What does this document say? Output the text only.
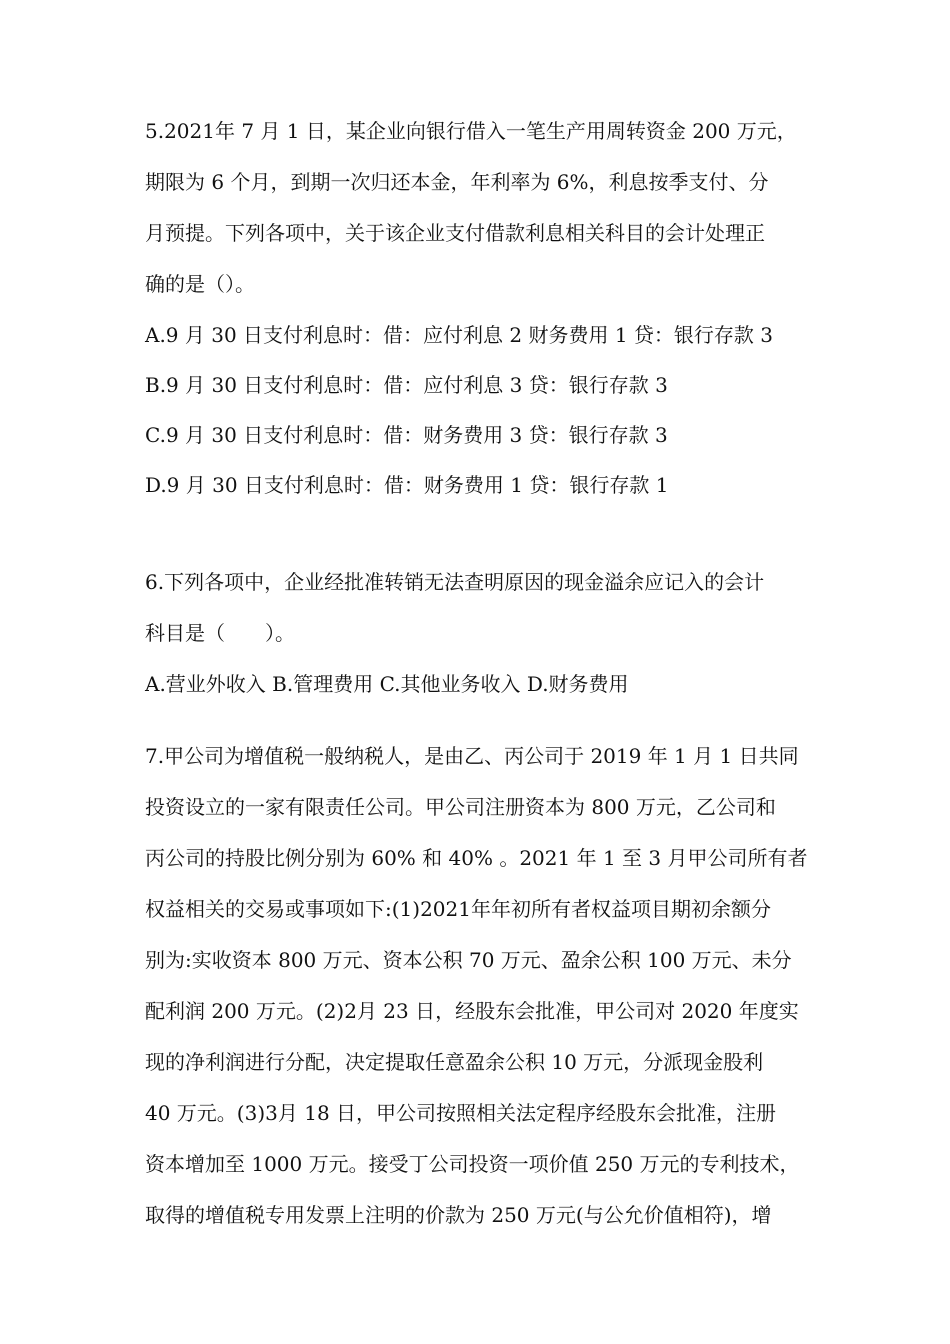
5.2021年 7 月 1 日，某企业向银行借入一笔生产用周转资金 200 万元，
期限为 6 个月，到期一次归还本金，年利率为 6%，利息按季支付、分
月预提。下列各项中，关于该企业支付借款利息相关科目的会计处理正
确的是（）。
A.9 月 30 日支付利息时：借：应付利息 2 财务费用 1 贷：银行存款 3
B.9 月 30 日支付利息时：借：应付利息 3 贷：银行存款 3
C.9 月 30 日支付利息时：借：财务费用 3 贷：银行存款 3
D.9 月 30 日支付利息时：借：财务费用 1 贷：银行存款 1
6.下列各项中，企业经批准转销无法查明原因的现金溢余应记入的会计
科目是（　　）。
A.营业外收入 B.管理费用 C.其他业务收入 D.财务费用
7.甲公司为增值税一般纳税人，是由乙、丙公司于 2019 年 1 月 1 日共同
投资设立的一家有限责任公司。甲公司注册资本为 800 万元，乙公司和
丙公司的持股比例分别为 60% 和 40% 。2021 年 1 至 3 月甲公司所有者
权益相关的交易或事项如下:(1)2021年年初所有者权益项目期初余额分
别为:实收资本 800 万元、资本公积 70 万元、盈余公积 100 万元、未分
配利润 200 万元。(2)2月 23 日，经股东会批准，甲公司对 2020 年度实
现的净利润进行分配，决定提取任意盈余公积 10 万元，分派现金股利
40 万元。(3)3月 18 日，甲公司按照相关法定程序经股东会批准，注册
资本增加至 1000 万元。接受丁公司投资一项价值 250 万元的专利技术，
取得的增值税专用发票上注明的价款为 250 万元(与公允价值相符)，增
